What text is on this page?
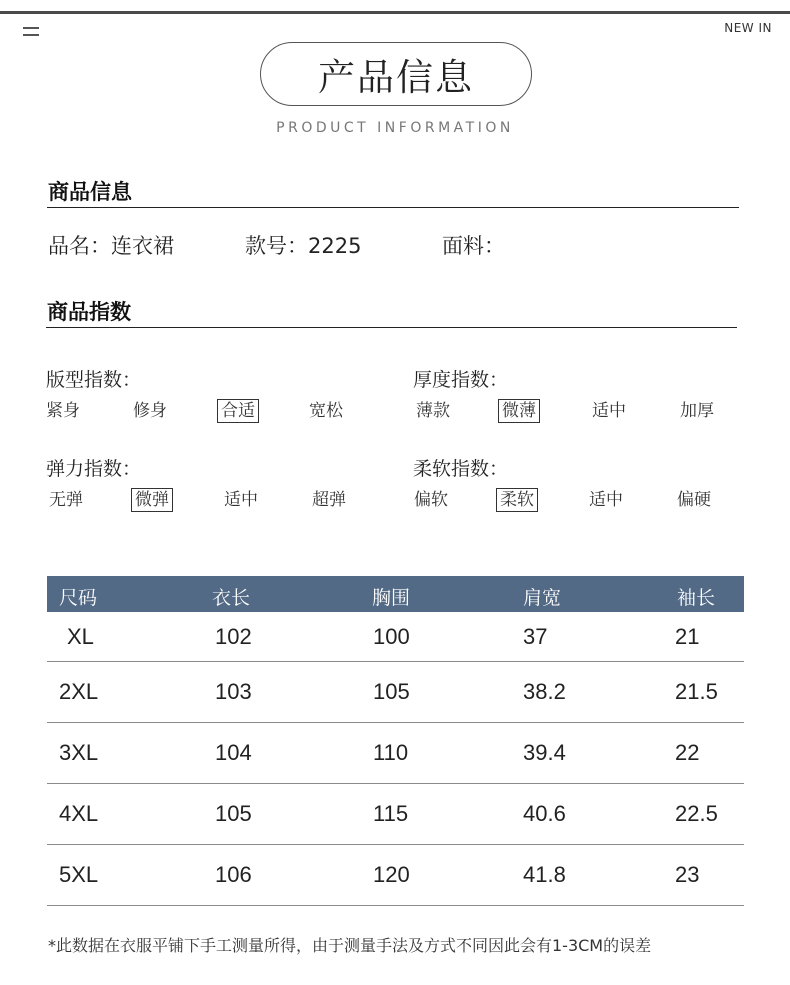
NEW IN
产品信息
PRODUCT INFORMATION
商品信息
品名：连衣裙	款号：2225	面料：
商品指数
版型指数：
紧身	修身	合适	宽松
厚度指数：
薄款	微薄	适中	加厚
弹力指数：
无弹	微弹	适中	超弹
柔软指数：
偏软	柔软	适中	偏硬
尺码	衣长	胸围	肩宽	袖长
XL	102	100	37	21
2XL	103	105	38.2	21.5
3XL	104	110	39.4	22
4XL	105	115	40.6	22.5
5XL	106	120	41.8	23
*此数据在衣服平铺下手工测量所得，由于测量手法及方式不同因此会有1-3CM的误差
